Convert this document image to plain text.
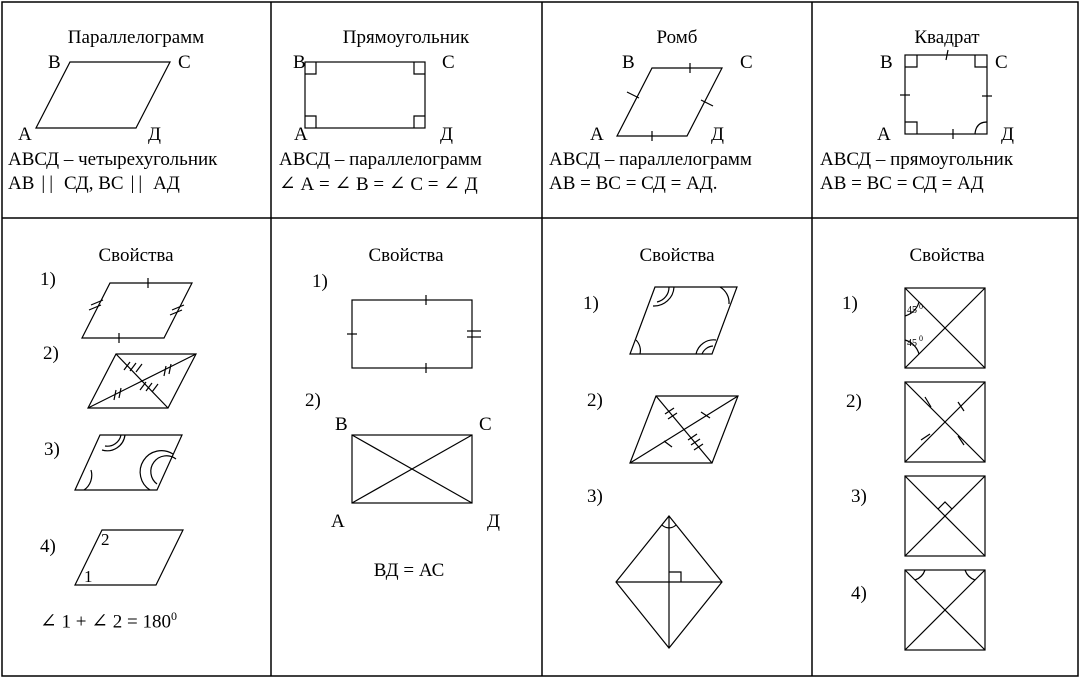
Параллелограмм
В	С
А	Д
АВСД – четырехугольник
АВ || СД, ВС || АД
Свойства
1)
2)
3)
4)	2
1
∠ 1 + ∠ $2 = 180^0$
Прямоугольник
В	С
А	Д
АВСД – параллелограмм
∠ А = ∠ В = ∠ С = ∠ Д
Свойства
1)
2)
В	С
А	Д
ВД = АС
Ромб
В	С
А	Д
АВСД – параллелограмм
АВ = ВС = СД = АД.
Свойства
1)
2)
3)
Квадрат
В	С
А	Д
АВСД – прямоугольник
АВ = ВС = СД = АД
Свойства
1)
2)
3)
4)
45 0
45 0
